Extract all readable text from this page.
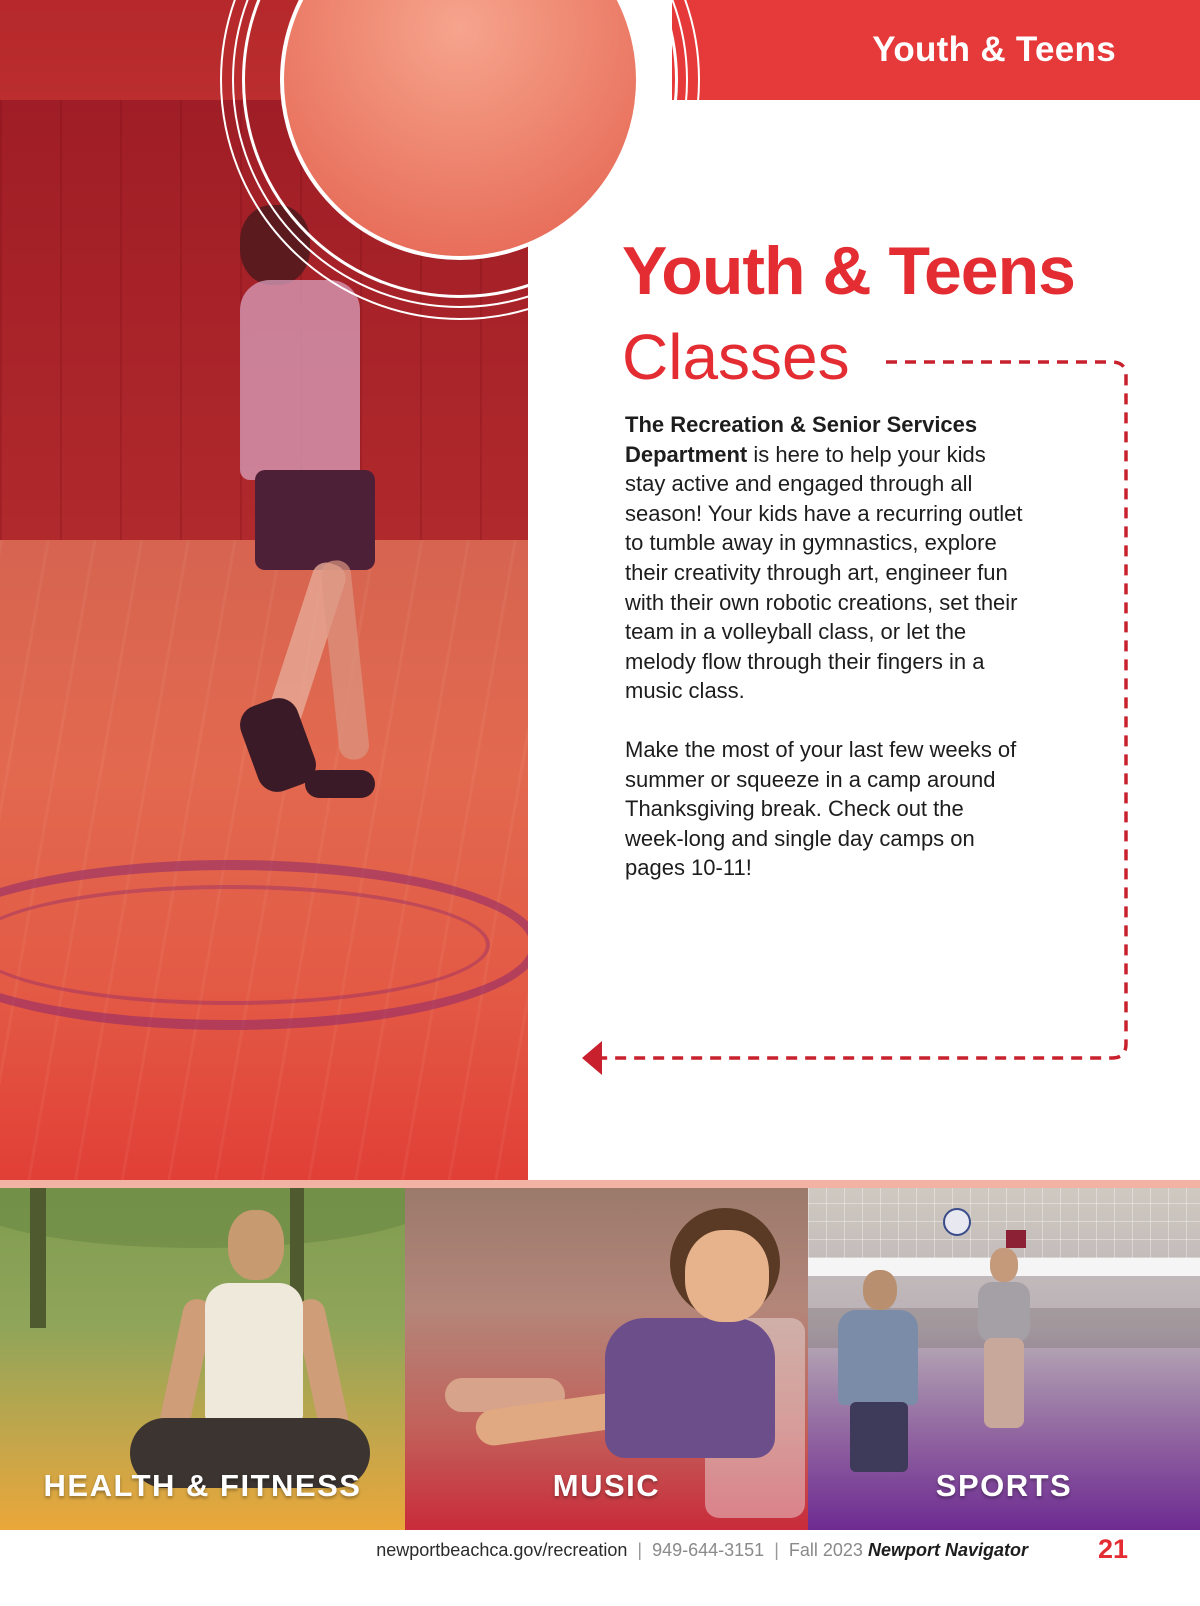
Youth & Teens
Youth & Teens
Classes

The Recreation & Senior Services Department is here to help your kids stay active and engaged through all season! Your kids have a recurring outlet to tumble away in gymnastics, explore their creativity through art, engineer fun with their own robotic creations, set their team in a volleyball class, or let the melody flow through their fingers in a music class.

Make the most of your last few weeks of summer or squeeze in a camp around Thanksgiving break. Check out the week-long and single day camps on pages 10-11!

HEALTH & FITNESS	MUSIC	SPORTS
newportbeachca.gov/recreation | 949-644-3151 | Fall 2023 Newport Navigator	21
